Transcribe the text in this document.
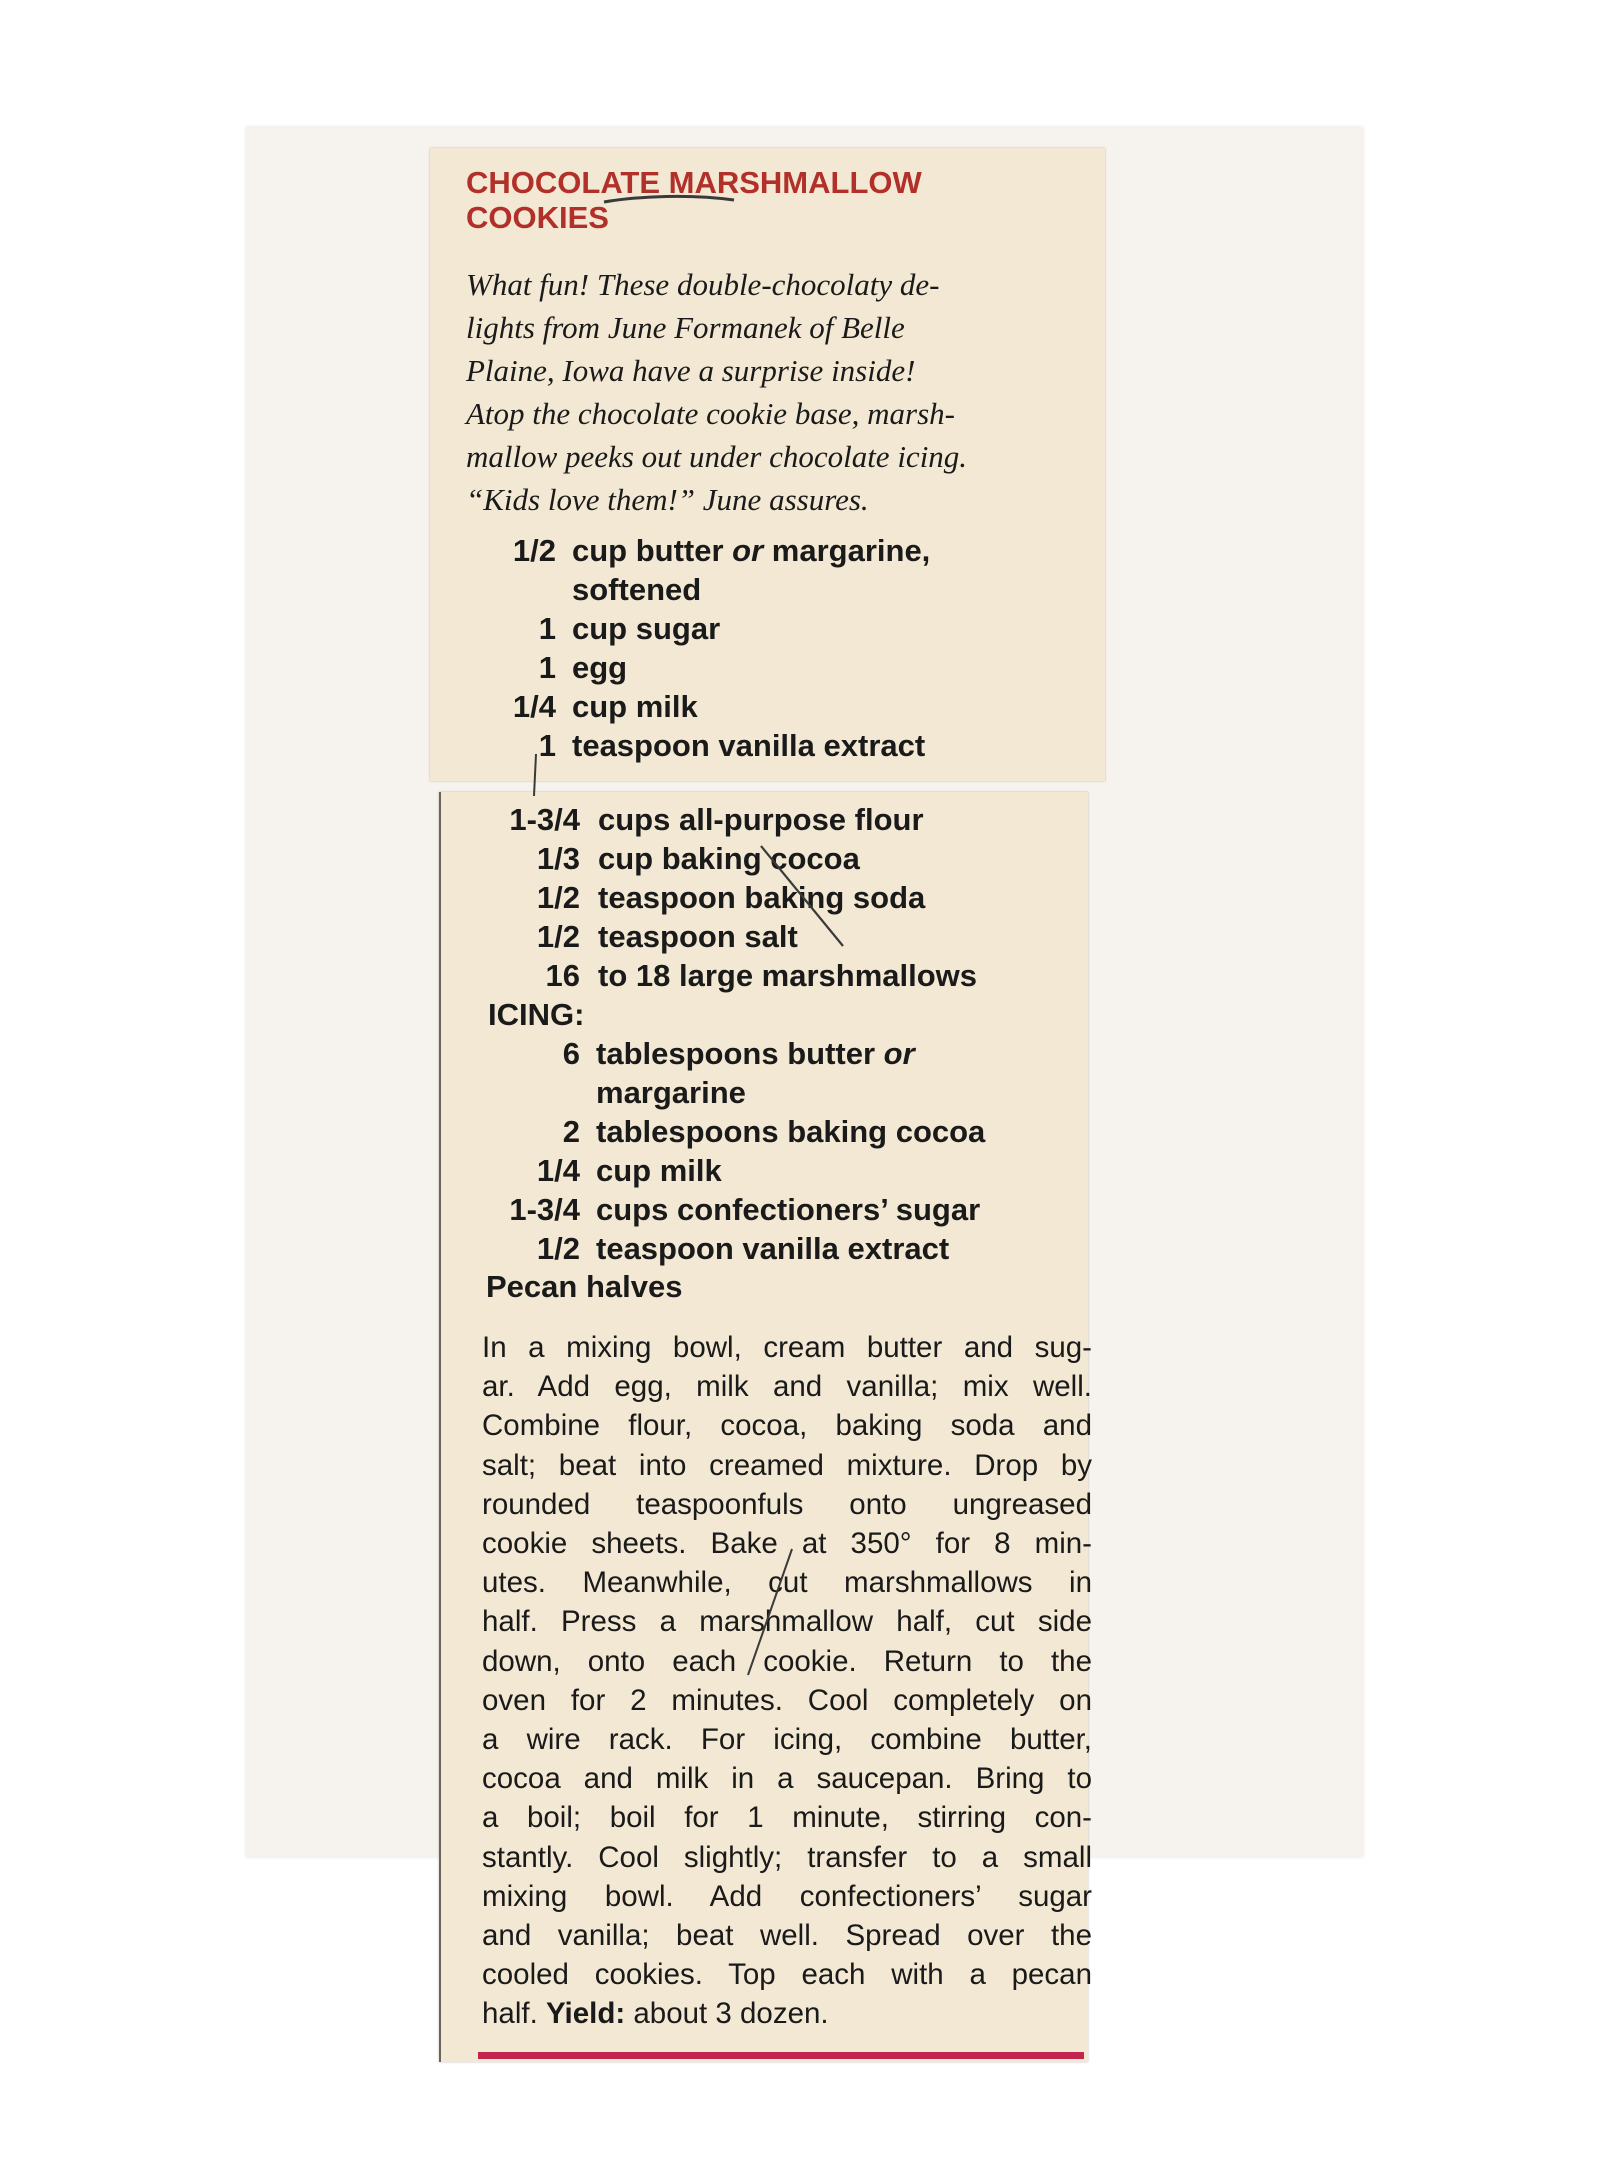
CHOCOLATE MARSHMALLOW
COOKIES
What fun! These double-chocolaty de-
lights from June Formanek of Belle
Plaine, Iowa have a surprise inside!
Atop the chocolate cookie base, marsh-
mallow peeks out under chocolate icing.
“Kids love them!” June assures.
1/2 cup butter or margarine,
softened
1 cup sugar
1 egg
1/4 cup milk
1 teaspoon vanilla extract
1-3/4 cups all-purpose flour
1/3 cup baking cocoa
1/2 teaspoon baking soda
1/2 teaspoon salt
16 to 18 large marshmallows
ICING:
6 tablespoons butter or
margarine
2 tablespoons baking cocoa
1/4 cup milk
1-3/4 cups confectioners’ sugar
1/2 teaspoon vanilla extract
Pecan halves
In a mixing bowl, cream butter and sug-
ar. Add egg, milk and vanilla; mix well.
Combine flour, cocoa, baking soda and
salt; beat into creamed mixture. Drop by
rounded teaspoonfuls onto ungreased
cookie sheets. Bake at 350° for 8 min-
utes. Meanwhile, cut marshmallows in
half. Press a marshmallow half, cut side
down, onto each cookie. Return to the
oven for 2 minutes. Cool completely on
a wire rack. For icing, combine butter,
cocoa and milk in a saucepan. Bring to
a boil; boil for 1 minute, stirring con-
stantly. Cool slightly; transfer to a small
mixing bowl. Add confectioners’ sugar
and vanilla; beat well. Spread over the
cooled cookies. Top each with a pecan
half. Yield: about 3 dozen.
